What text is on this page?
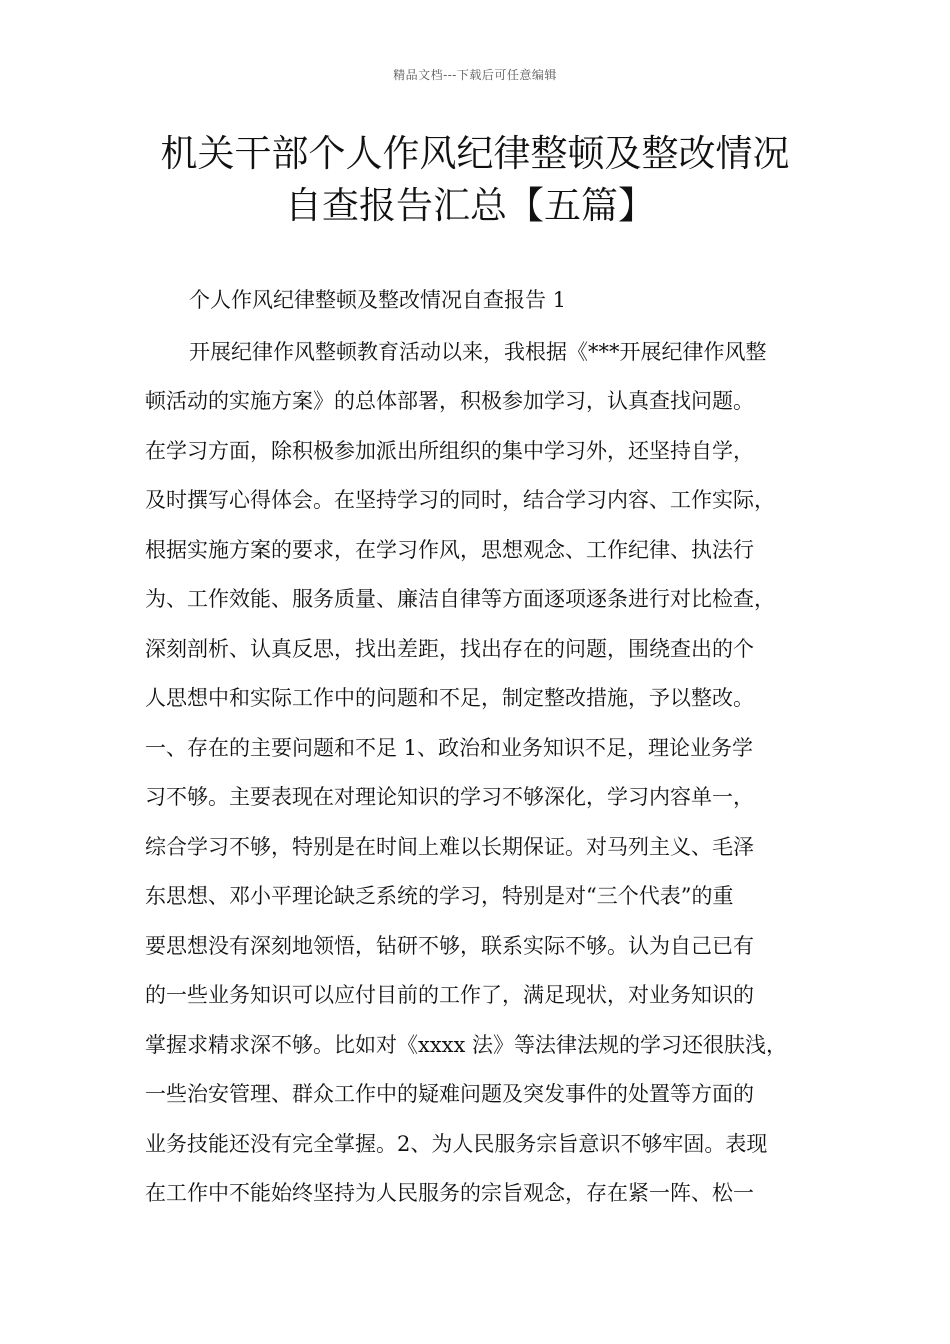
精品文档---下载后可任意编辑
机关干部个人作风纪律整顿及整改情况
自查报告汇总【五篇】
个人作风纪律整顿及整改情况自查报告 1
开展纪律作风整顿教育活动以来，我根据《***开展纪律作风整
顿活动的实施方案》的总体部署，积极参加学习，认真查找问题。
在学习方面，除积极参加派出所组织的集中学习外，还坚持自学，
及时撰写心得体会。在坚持学习的同时，结合学习内容、工作实际，
根据实施方案的要求，在学习作风，思想观念、工作纪律、执法行
为、工作效能、服务质量、廉洁自律等方面逐项逐条进行对比检查，
深刻剖析、认真反思，找出差距，找出存在的问题，围绕查出的个
人思想中和实际工作中的问题和不足，制定整改措施，予以整改。
一、存在的主要问题和不足 1、政治和业务知识不足，理论业务学
习不够。主要表现在对理论知识的学习不够深化，学习内容单一，
综合学习不够，特别是在时间上难以长期保证。对马列主义、毛泽
东思想、邓小平理论缺乏系统的学习，特别是对“三个代表”的重
要思想没有深刻地领悟，钻研不够，联系实际不够。认为自己已有
的一些业务知识可以应付目前的工作了，满足现状，对业务知识的
掌握求精求深不够。比如对《xxxx 法》等法律法规的学习还很肤浅，
一些治安管理、群众工作中的疑难问题及突发事件的处置等方面的
业务技能还没有完全掌握。2、为人民服务宗旨意识不够牢固。表现
在工作中不能始终坚持为人民服务的宗旨观念，存在紧一阵、松一
